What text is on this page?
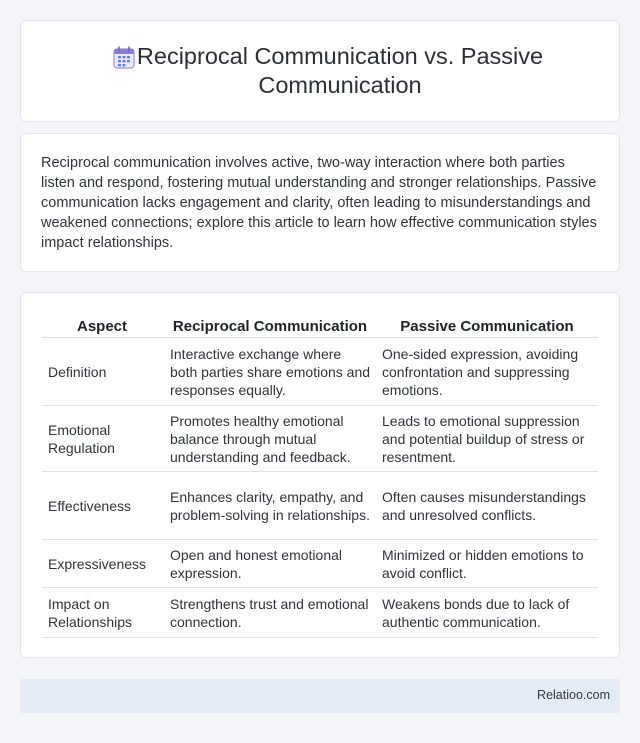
Reciprocal Communication vs. Passive Communication

Reciprocal communication involves active, two-way interaction where both parties listen and respond, fostering mutual understanding and stronger relationships. Passive communication lacks engagement and clarity, often leading to misunderstandings and weakened connections; explore this article to learn how effective communication styles impact relationships.

Aspect	Reciprocal Communication	Passive Communication
Definition	Interactive exchange where both parties share emotions and responses equally.	One-sided expression, avoiding confrontation and suppressing emotions.
Emotional Regulation	Promotes healthy emotional balance through mutual understanding and feedback.	Leads to emotional suppression and potential buildup of stress or resentment.
Effectiveness	Enhances clarity, empathy, and problem-solving in relationships.	Often causes misunderstandings and unresolved conflicts.
Expressiveness	Open and honest emotional expression.	Minimized or hidden emotions to avoid conflict.
Impact on Relationships	Strengthens trust and emotional connection.	Weakens bonds due to lack of authentic communication.
Relatioo.com
